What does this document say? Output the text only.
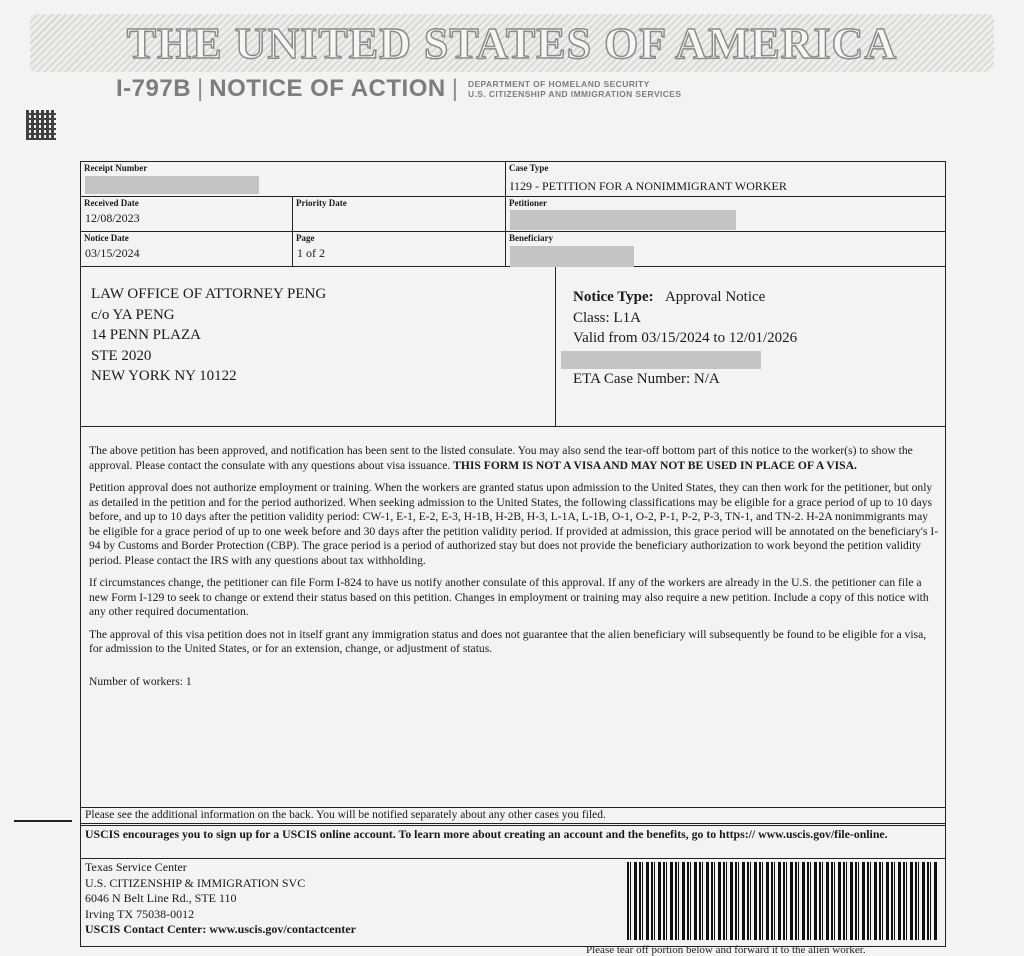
THE UNITED STATES OF AMERICA
I-797B | NOTICE OF ACTION | DEPARTMENT OF HOMELAND SECURITY
U.S. CITIZENSHIP AND IMMIGRATION SERVICES
Receipt Number	Case Type
I129 - PETITION FOR A NONIMMIGRANT WORKER
Received Date
12/08/2023
Priority Date	Petitioner
Notice Date
03/15/2024
Page
1 of 2
Beneficiary
LAW OFFICE OF ATTORNEY PENG
c/o YA PENG
14 PENN PLAZA
STE 2020
NEW YORK NY 10122
Notice Type: Approval Notice
Class: L1A
Valid from 03/15/2024 to 12/01/2026
ETA Case Number: N/A

The above petition has been approved, and notification has been sent to the listed consulate. You may also send the tear-off bottom part of this notice to the worker(s) to show the approval. Please contact the consulate with any questions about visa issuance. THIS FORM IS NOT A VISA AND MAY NOT BE USED IN PLACE OF A VISA.

Petition approval does not authorize employment or training. When the workers are granted status upon admission to the United States, they can then work for the petitioner, but only as detailed in the petition and for the period authorized. When seeking admission to the United States, the following classifications may be eligible for a grace period of up to 10 days before, and up to 10 days after the petition validity period: CW-1, E-1, E-2, E-3, H-1B, H-2B, H-3, L-1A, L-1B, O-1, O-2, P-1, P-2, P-3, TN-1, and TN-2. H-2A nonimmigrants may be eligible for a grace period of up to one week before and 30 days after the petition validity period. If provided at admission, this grace period will be annotated on the beneficiary's I-94 by Customs and Border Protection (CBP). The grace period is a period of authorized stay but does not provide the beneficiary authorization to work beyond the petition validity period. Please contact the IRS with any questions about tax withholding.

If circumstances change, the petitioner can file Form I-824 to have us notify another consulate of this approval. If any of the workers are already in the U.S. the petitioner can file a new Form I-129 to seek to change or extend their status based on this petition. Changes in employment or training may also require a new petition. Include a copy of this notice with any other required documentation.

The approval of this visa petition does not in itself grant any immigration status and does not guarantee that the alien beneficiary will subsequently be found to be eligible for a visa, for admission to the United States, or for an extension, change, or adjustment of status.

Number of workers: 1

Please see the additional information on the back. You will be notified separately about any other cases you filed.
USCIS encourages you to sign up for a USCIS online account. To learn more about creating an account and the benefits, go to https:// www.uscis.gov/file-online.
Texas Service Center
U.S. CITIZENSHIP & IMMIGRATION SVC
6046 N Belt Line Rd., STE 110
Irving TX 75038-0012
USCIS Contact Center: www.uscis.gov/contactcenter
Please tear off portion below and forward it to the alien worker.
